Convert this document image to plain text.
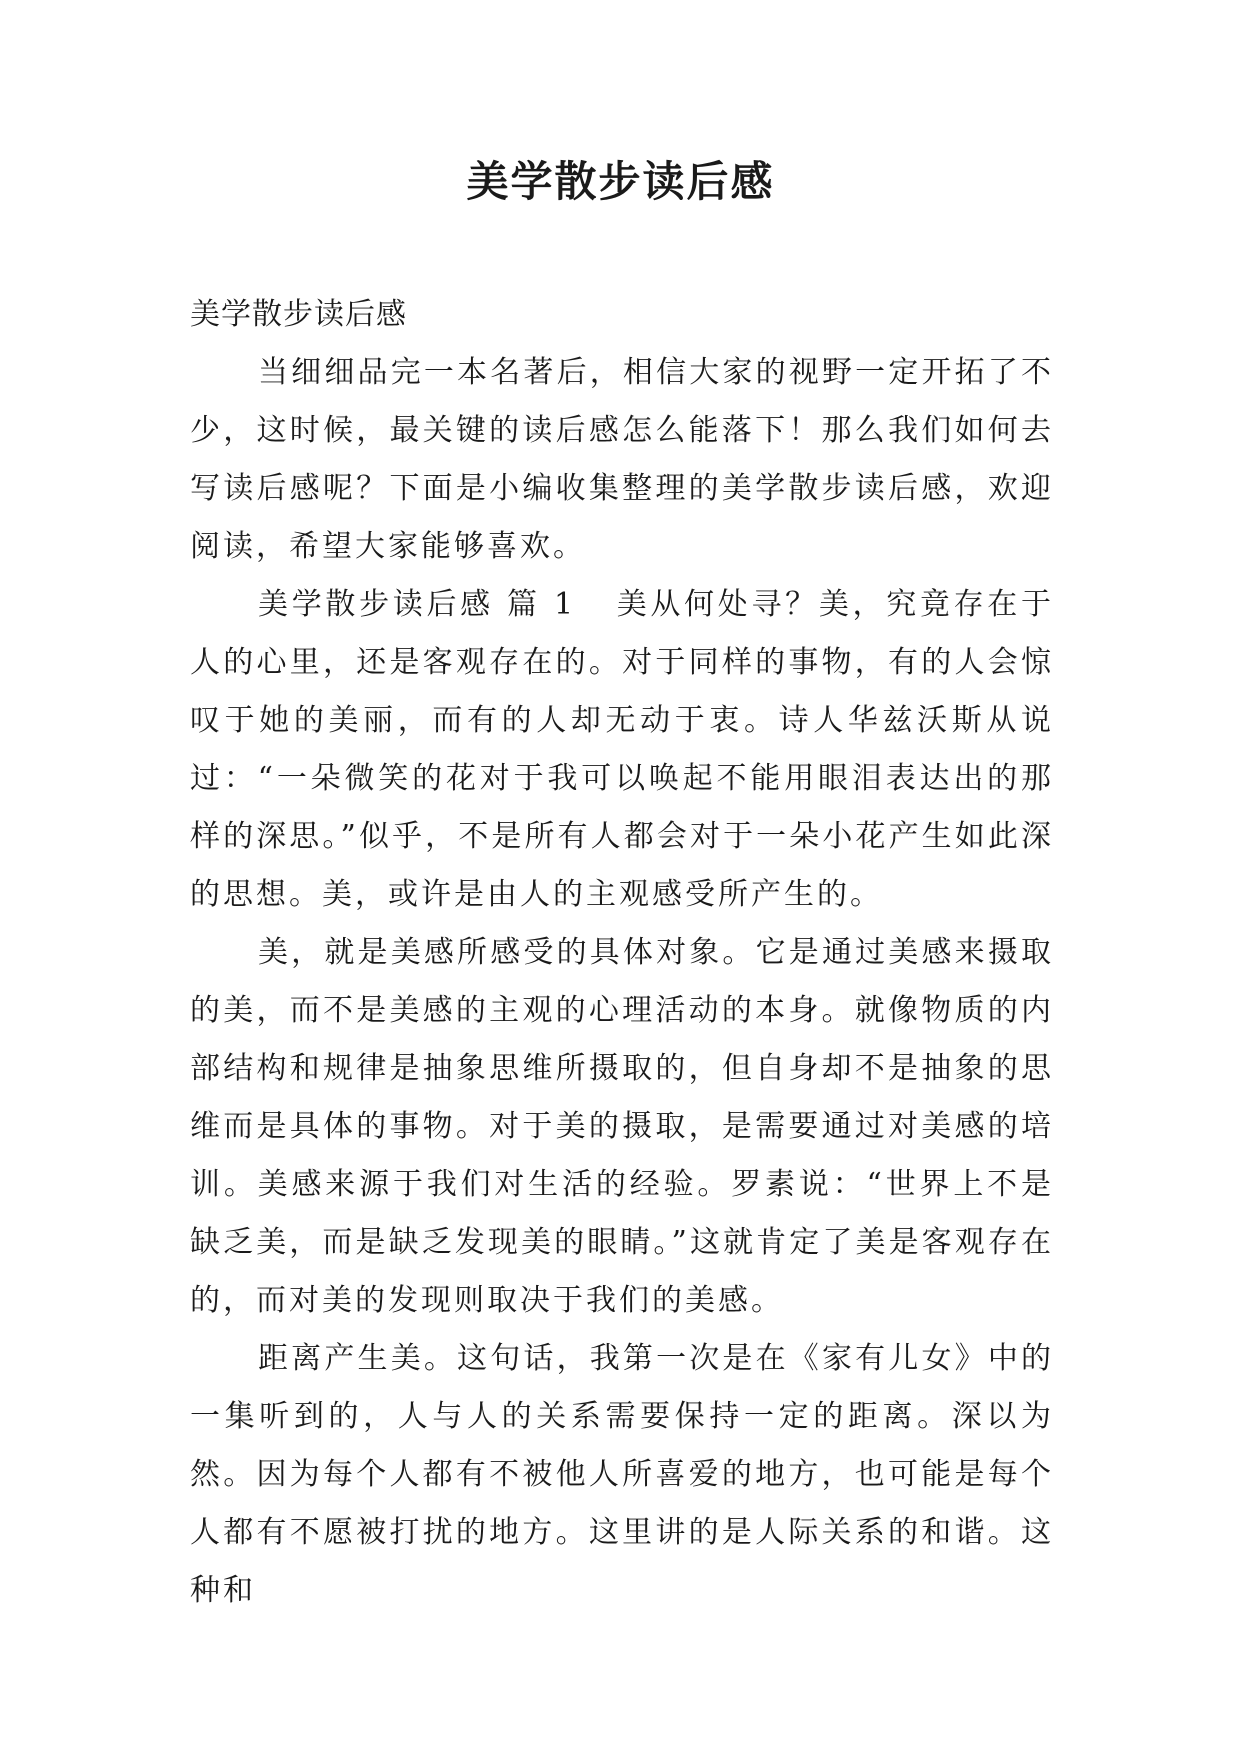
美学散步读后感

美学散步读后感

当细细品完一本名著后，相信大家的视野一定开拓了不少，这时候，最关键的读后感怎么能落下！那么我们如何去写读后感呢？下面是小编收集整理的美学散步读后感，欢迎阅读，希望大家能够喜欢。

美学散步读后感 篇 1 美从何处寻？美，究竟存在于人的心里，还是客观存在的。对于同样的事物，有的人会惊叹于她的美丽，而有的人却无动于衷。诗人华兹沃斯从说过：“一朵微笑的花对于我可以唤起不能用眼泪表达出的那样的深思。”似乎，不是所有人都会对于一朵小花产生如此深的思想。美，或许是由人的主观感受所产生的。

美，就是美感所感受的具体对象。它是通过美感来摄取的美，而不是美感的主观的心理活动的本身。就像物质的内部结构和规律是抽象思维所摄取的，但自身却不是抽象的思维而是具体的事物。对于美的摄取，是需要通过对美感的培训。美感来源于我们对生活的经验。罗素说：“世界上不是缺乏美，而是缺乏发现美的眼睛。”这就肯定了美是客观存在的，而对美的发现则取决于我们的美感。

距离产生美。这句话，我第一次是在《家有儿女》中的一集听到的，人与人的关系需要保持一定的距离。深以为然。因为每个人都有不被他人所喜爱的地方，也可能是每个人都有不愿被打扰的地方。这里讲的是人际关系的和谐。这种和
